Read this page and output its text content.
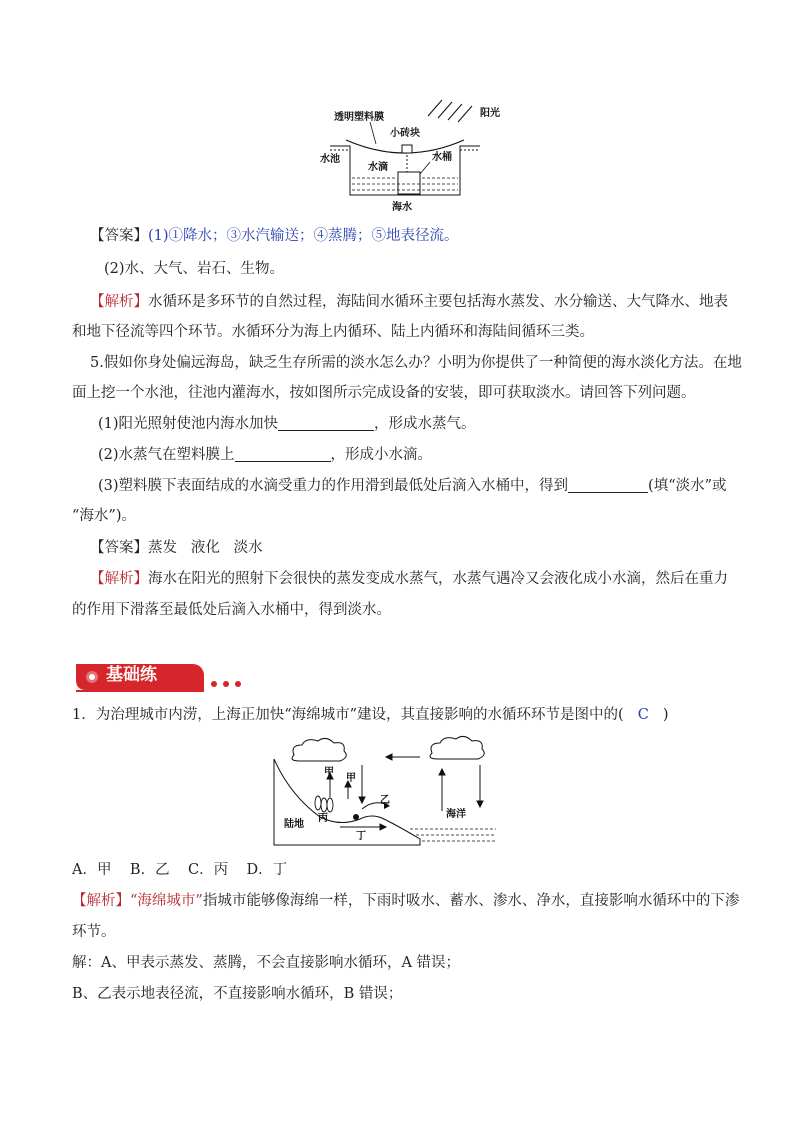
透明塑料膜	阳光
小砖块
水池
水滴
水桶
海水
【答案】(1)①降水；③水汽输送；④蒸腾；⑤地表径流。
(2)水、大气、岩石、生物。
【解析】水循环是多环节的自然过程，海陆间水循环主要包括海水蒸发、水分输送、大气降水、地表
和地下径流等四个环节。水循环分为海上内循环、陆上内循环和海陆间循环三类。
5.假如你身处偏远海岛，缺乏生存所需的淡水怎么办？小明为你提供了一种简便的海水淡化方法。在地
面上挖一个水池，往池内灌海水，按如图所示完成设备的安装，即可获取淡水。请回答下列问题。
(1)阳光照射使池内海水加快	，形成水蒸气。
(2)水蒸气在塑料膜上	，形成小水滴。
(3)塑料膜下表面结成的水滴受重力的作用滑到最低处后滴入水桶中，得到	(填“淡水”或
“海水”)。
【答案】蒸发   液化   淡水
【解析】海水在阳光的照射下会很快的蒸发变成水蒸气，水蒸气遇冷又会液化成小水滴，然后在重力
的作用下滑落至最低处后滴入水桶中，得到淡水。
基础练
1．为治理城市内涝，上海正加快“海绵城市”建设，其直接影响的水循环环节是图中的( C )
甲
甲
乙
丙
丁
陆地
海洋
A．甲    B．乙    C．丙    D．丁
【解析】“海绵城市”指城市能够像海绵一样，下雨时吸水、蓄水、渗水、净水，直接影响水循环中的下渗
环节。
解：A、甲表示蒸发、蒸腾，不会直接影响水循环，A 错误；
B、乙表示地表径流，不直接影响水循环，B 错误；
